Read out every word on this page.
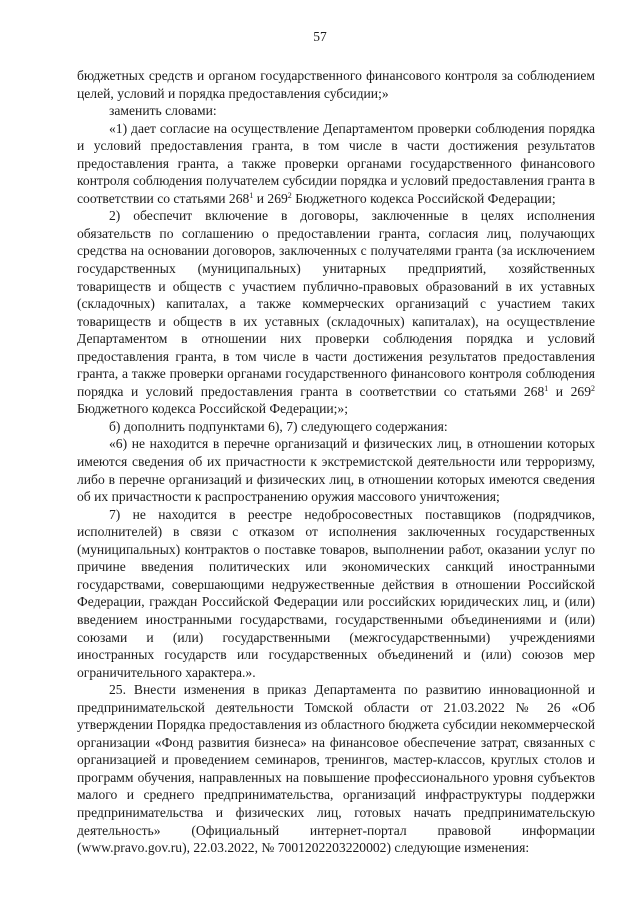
57

бюджетных средств и органом государственного финансового контроля за соблюдением целей, условий и порядка предоставления субсидии;»

заменить словами:

«1) дает согласие на осуществление Департаментом проверки соблюдения порядка и условий предоставления гранта, в том числе в части достижения результатов предоставления гранта, а также проверки органами государственного финансового контроля соблюдения получателем субсидии порядка и условий предоставления гранта в соответствии со статьями $268^1$ и $269^2$ Бюджетного кодекса Российской Федерации;

2) обеспечит включение в договоры, заключенные в целях исполнения обязательств по соглашению о предоставлении гранта, согласия лиц, получающих средства на основании договоров, заключенных с получателями гранта (за исключением государственных (муниципальных) унитарных предприятий, хозяйственных товариществ и обществ с участием публично-правовых образований в их уставных (складочных) капиталах, а также коммерческих организаций с участием таких товариществ и обществ в их уставных (складочных) капиталах), на осуществление Департаментом в отношении них проверки соблюдения порядка и условий предоставления гранта, в том числе в части достижения результатов предоставления гранта, а также проверки органами государственного финансового контроля соблюдения порядка и условий предоставления гранта в соответствии со статьями $268^1$ и $269^2$ Бюджетного кодекса Российской Федерации;»;

б) дополнить подпунктами 6), 7) следующего содержания:

«6) не находится в перечне организаций и физических лиц, в отношении которых имеются сведения об их причастности к экстремистской деятельности или терроризму, либо в перечне организаций и физических лиц, в отношении которых имеются сведения об их причастности к распространению оружия массового уничтожения;

7) не находится в реестре недобросовестных поставщиков (подрядчиков, исполнителей) в связи с отказом от исполнения заключенных государственных (муниципальных) контрактов о поставке товаров, выполнении работ, оказании услуг по причине введения политических или экономических санкций иностранными государствами, совершающими недружественные действия в отношении Российской Федерации, граждан Российской Федерации или российских юридических лиц, и (или) введением иностранными государствами, государственными объединениями и (или) союзами и (или) государственными (межгосударственными) учреждениями иностранных государств или государственных объединений и (или) союзов мер ограничительного характера.».

25. Внести изменения в приказ Департамента по развитию инновационной и предпринимательской деятельности Томской области от 21.03.2022 № 26 «Об утверждении Порядка предоставления из областного бюджета субсидии некоммерческой организации «Фонд развития бизнеса» на финансовое обеспечение затрат, связанных с организацией и проведением семинаров, тренингов, мастер-классов, круглых столов и программ обучения, направленных на повышение профессионального уровня субъектов малого и среднего предпринимательства, организаций инфраструктуры поддержки предпринимательства и физических лиц, готовых начать предпринимательскую деятельность» (Официальный интернет-портал правовой информации (www.pravo.gov.ru), 22.03.2022, № 7001202203220002) следующие изменения:
